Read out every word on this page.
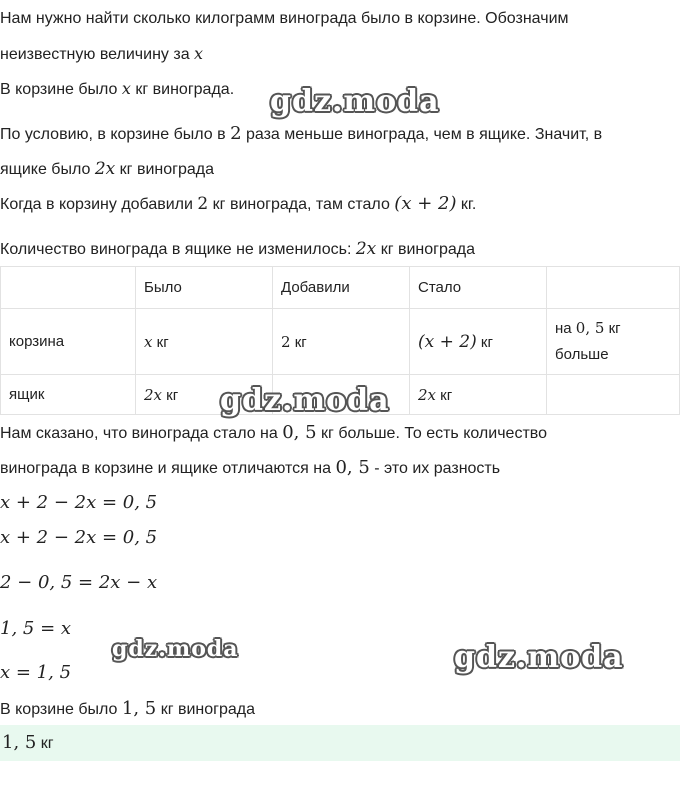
Нам нужно найти сколько килограмм винограда было в корзине. Обозначим
неизвестную величину за x
В корзине было x кг винограда.
По условию, в корзине было в 2 раза меньше винограда, чем в ящике. Значит, в
ящике было 2x кг винограда
Когда в корзину добавили 2 кг винограда, там стало (x + 2) кг.
Количество винограда в ящике не изменилось: 2x кг винограда
	Было	Добавили	Стало	
корзина	x кг	2 кг	(x + 2) кг	на 0, 5 кг
больше
ящик	2x кг		2x кг	
Нам сказано, что винограда стало на 0, 5 кг больше. То есть количество
винограда в корзине и ящике отличаются на 0, 5 - это их разность
x + 2 − 2x = 0, 5
x + 2 − 2x = 0, 5
2 − 0, 5 = 2x − x
1, 5 = x
x = 1, 5
В корзине было 1, 5 кг винограда
1, 5 кг
gdz.moda
gdz.moda
gdz.moda	gdz.moda
